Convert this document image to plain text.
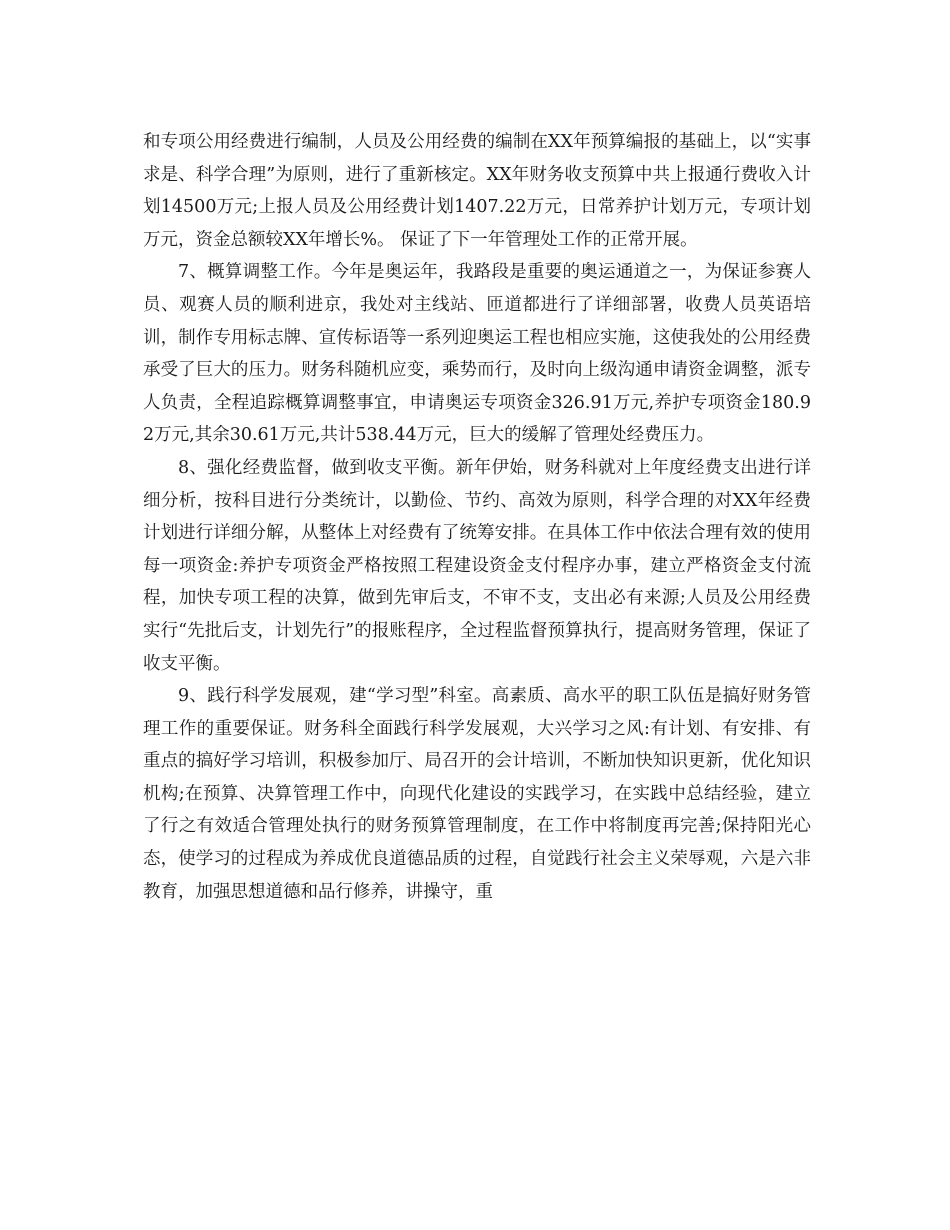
和专项公用经费进行编制，人员及公用经费的编制在XX年预算编报的基础上，以“实事求是、科学合理”为原则，进行了重新核定。XX年财务收支预算中共上报通行费收入计划14500万元;上报人员及公用经费计划1407.22万元，日常养护计划万元，专项计划万元，资金总额较XX年增长%。 保证了下一年管理处工作的正常开展。

7、概算调整工作。今年是奥运年，我路段是重要的奥运通道之一，为保证参赛人员、观赛人员的顺利进京，我处对主线站、匝道都进行了详细部署，收费人员英语培训，制作专用标志牌、宣传标语等一系列迎奥运工程也相应实施，这使我处的公用经费承受了巨大的压力。财务科随机应变，乘势而行，及时向上级沟通申请资金调整，派专人负责，全程追踪概算调整事宜，申请奥运专项资金326.91万元,养护专项资金180.92万元,其余30.61万元,共计538.44万元，巨大的缓解了管理处经费压力。

8、强化经费监督，做到收支平衡。新年伊始，财务科就对上年度经费支出进行详细分析，按科目进行分类统计，以勤俭、节约、高效为原则，科学合理的对XX年经费计划进行详细分解，从整体上对经费有了统筹安排。在具体工作中依法合理有效的使用每一项资金:养护专项资金严格按照工程建设资金支付程序办事，建立严格资金支付流程，加快专项工程的决算，做到先审后支，不审不支，支出必有来源;人员及公用经费实行“先批后支，计划先行”的报账程序，全过程监督预算执行，提高财务管理，保证了收支平衡。

9、践行科学发展观，建“学习型”科室。高素质、高水平的职工队伍是搞好财务管理工作的重要保证。财务科全面践行科学发展观，大兴学习之风:有计划、有安排、有重点的搞好学习培训，积极参加厅、局召开的会计培训，不断加快知识更新，优化知识机构;在预算、决算管理工作中，向现代化建设的实践学习，在实践中总结经验，建立了行之有效适合管理处执行的财务预算管理制度，在工作中将制度再完善;保持阳光心态，使学习的过程成为养成优良道德品质的过程，自觉践行社会主义荣辱观，六是六非教育，加强思想道德和品行修养，讲操守，重
